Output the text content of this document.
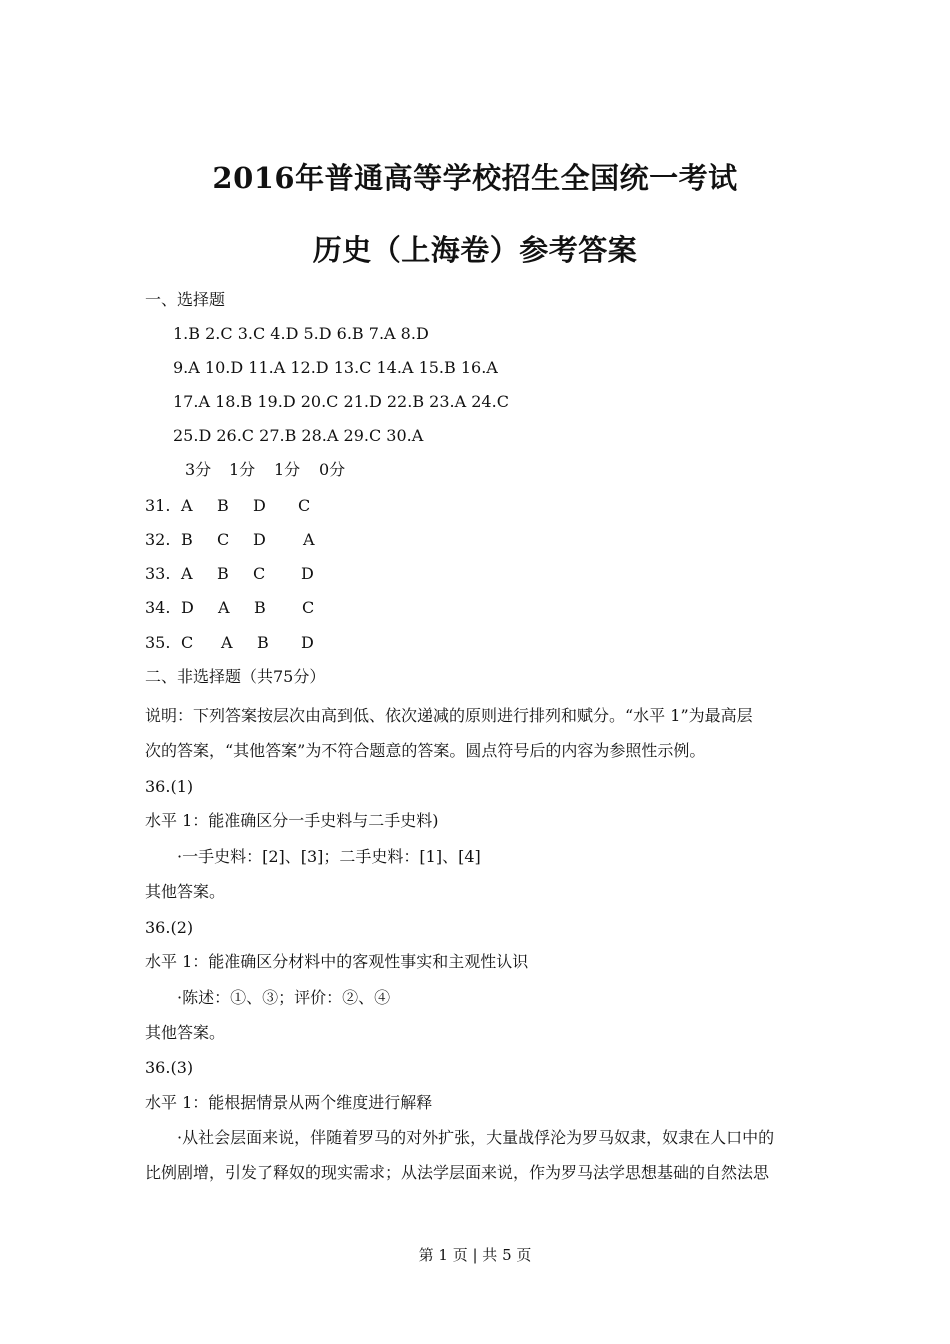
2016年普通高等学校招生全国统一考试
历史（上海卷）参考答案
一、选择题
1.B 2.C 3.C 4.D 5.D 6.B 7.A 8.D
9.A 10.D 11.A 12.D 13.C 14.A 15.B 16.A
17.A 18.B 19.D 20.C 21.D 22.B 23.A 24.C
25.D 26.C 27.B 28.A 29.C 30.A
3分 1分 1分 0分
31. A B D C
32. B C D A
33. A B C D
34. D A B C
35. C A B D
二、非选择题（共75分）
说明：下列答案按层次由高到低、依次递减的原则进行排列和赋分。“水平 1”为最高层
次的答案，“其他答案”为不符合题意的答案。圆点符号后的内容为参照性示例。
36.(1)
水平 1：能准确区分一手史料与二手史料)
·一手史料：[2]、[3]；二手史料：[1]、[4]
其他答案。
36.(2)
水平 1：能准确区分材料中的客观性事实和主观性认识
·陈述：①、③；评价：②、④
其他答案。
36.(3)
水平 1：能根据情景从两个维度进行解释
·从社会层面来说，伴随着罗马的对外扩张，大量战俘沦为罗马奴隶，奴隶在人口中的
比例剧增，引发了释奴的现实需求；从法学层面来说，作为罗马法学思想基础的自然法思
第 1 页 | 共 5 页
